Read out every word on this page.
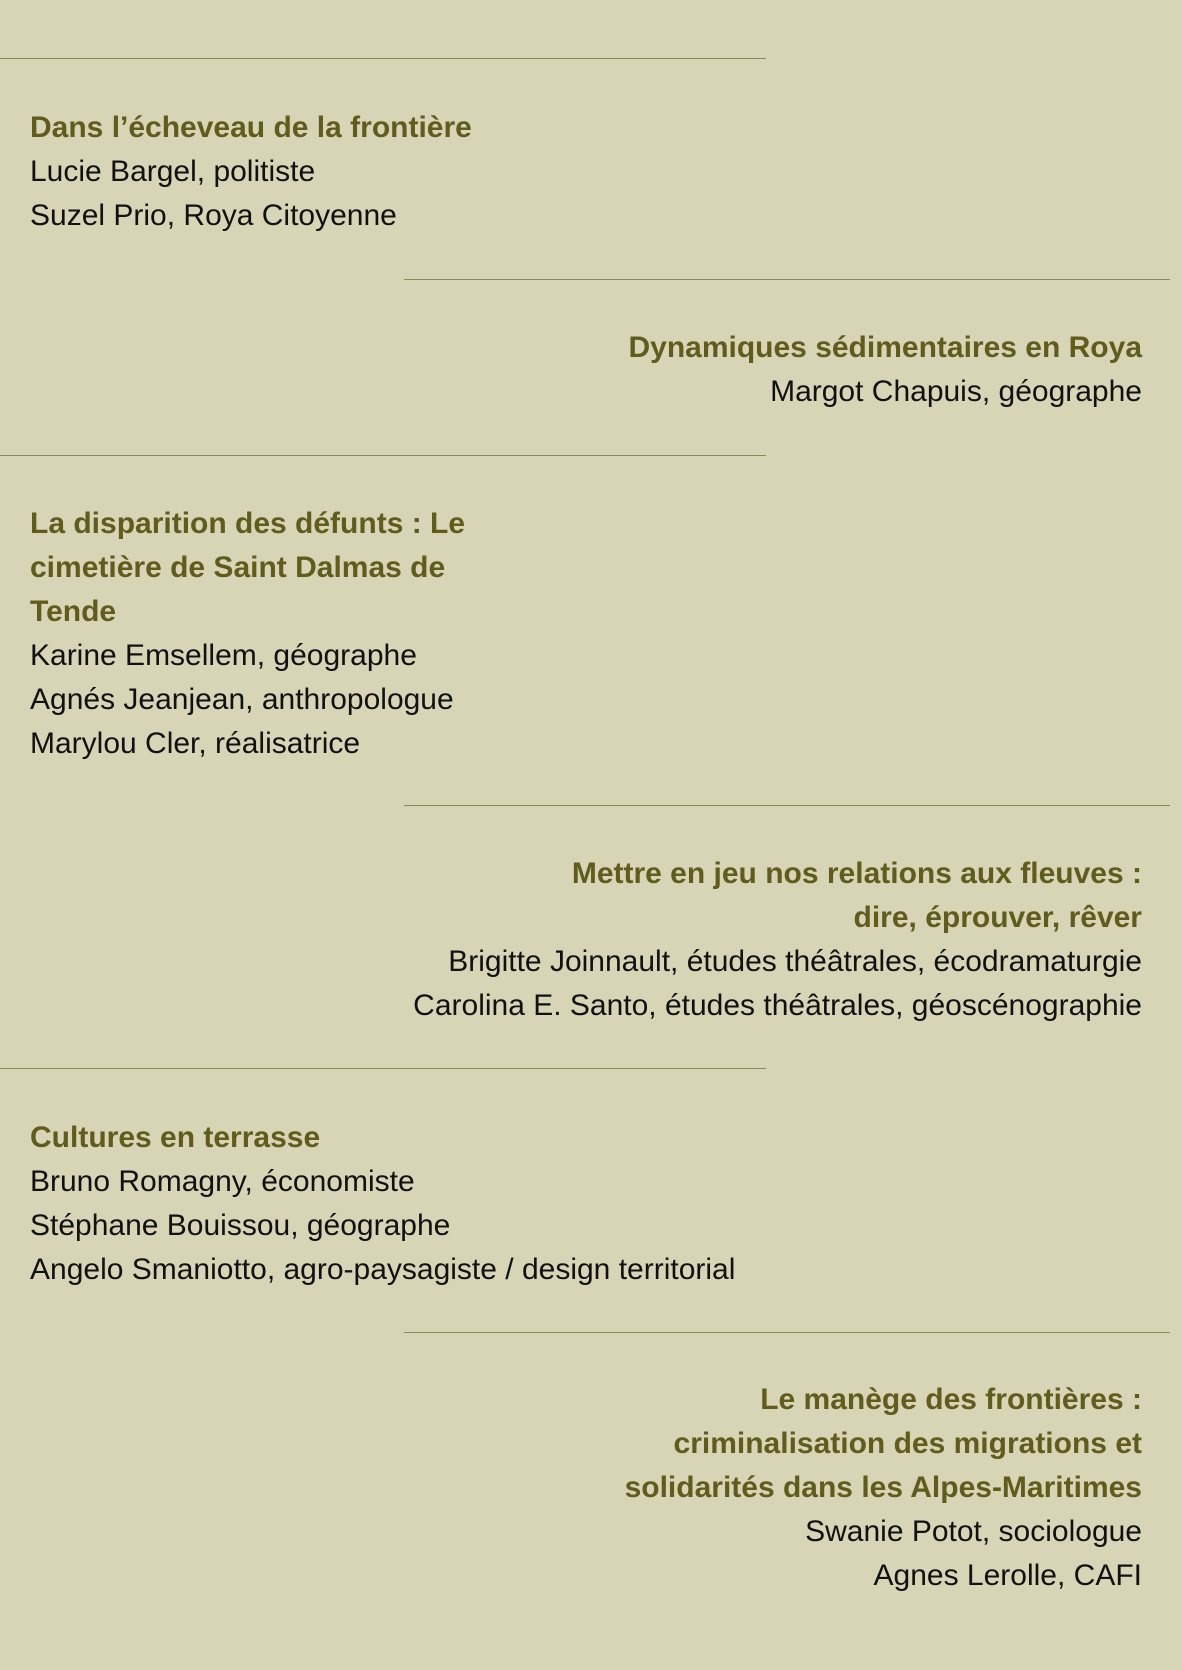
Dans l’écheveau de la frontière
Lucie Bargel, politiste
Suzel Prio, Roya Citoyenne
Dynamiques sédimentaires en Roya
Margot Chapuis, géographe
La disparition des défunts : Le
cimetière de Saint Dalmas de
Tende
Karine Emsellem, géographe
Agnés Jeanjean, anthropologue
Marylou Cler, réalisatrice
Mettre en jeu nos relations aux fleuves :
dire, éprouver, rêver
Brigitte Joinnault, études théâtrales, écodramaturgie
Carolina E. Santo, études théâtrales, géoscénographie
Cultures en terrasse
Bruno Romagny, économiste
Stéphane Bouissou, géographe
Angelo Smaniotto, agro-paysagiste / design territorial
Le manège des frontières :
criminalisation des migrations et
solidarités dans les Alpes-Maritimes
Swanie Potot, sociologue
Agnes Lerolle, CAFI
